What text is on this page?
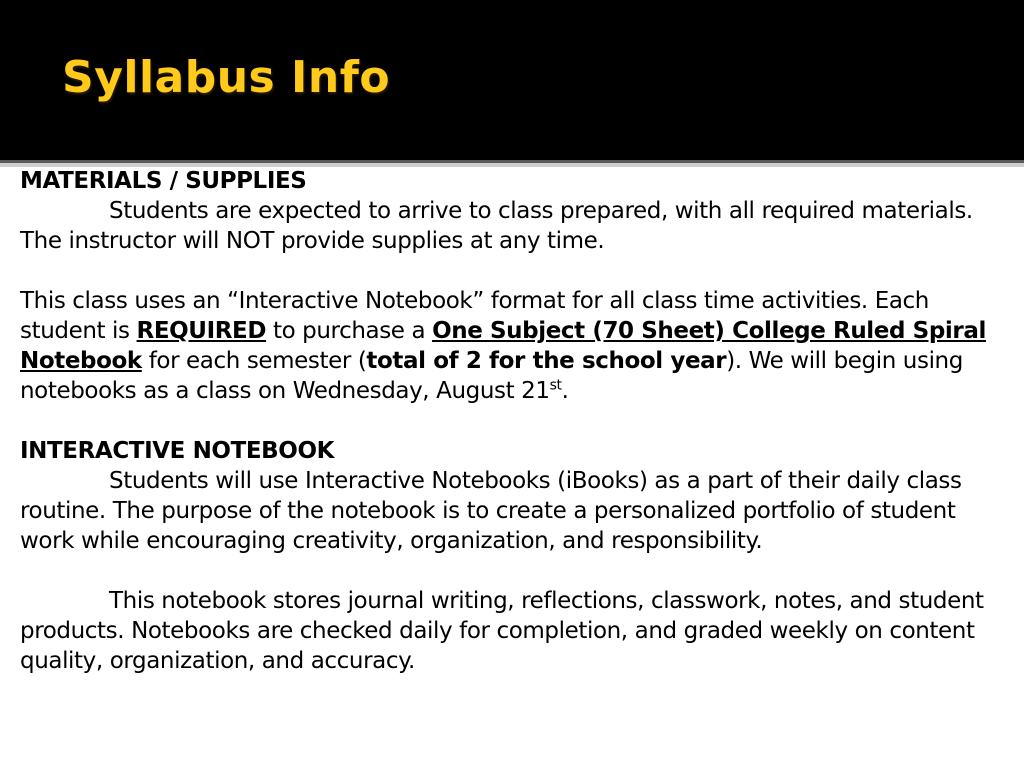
Syllabus Info

MATERIALS / SUPPLIES

Students are expected to arrive to class prepared, with all required materials. The instructor will NOT provide supplies at any time.

This class uses an “Interactive Notebook” format for all class time activities. Each student is REQUIRED to purchase a One Subject (70 Sheet) College Ruled Spiral Notebook for each semester (total of 2 for the school year). We will begin using notebooks as a class on Wednesday, August 21st.

INTERACTIVE NOTEBOOK

Students will use Interactive Notebooks (iBooks) as a part of their daily class routine. The purpose of the notebook is to create a personalized portfolio of student work while encouraging creativity, organization, and responsibility.

This notebook stores journal writing, reflections, classwork, notes, and student products. Notebooks are checked daily for completion, and graded weekly on content quality, organization, and accuracy.
